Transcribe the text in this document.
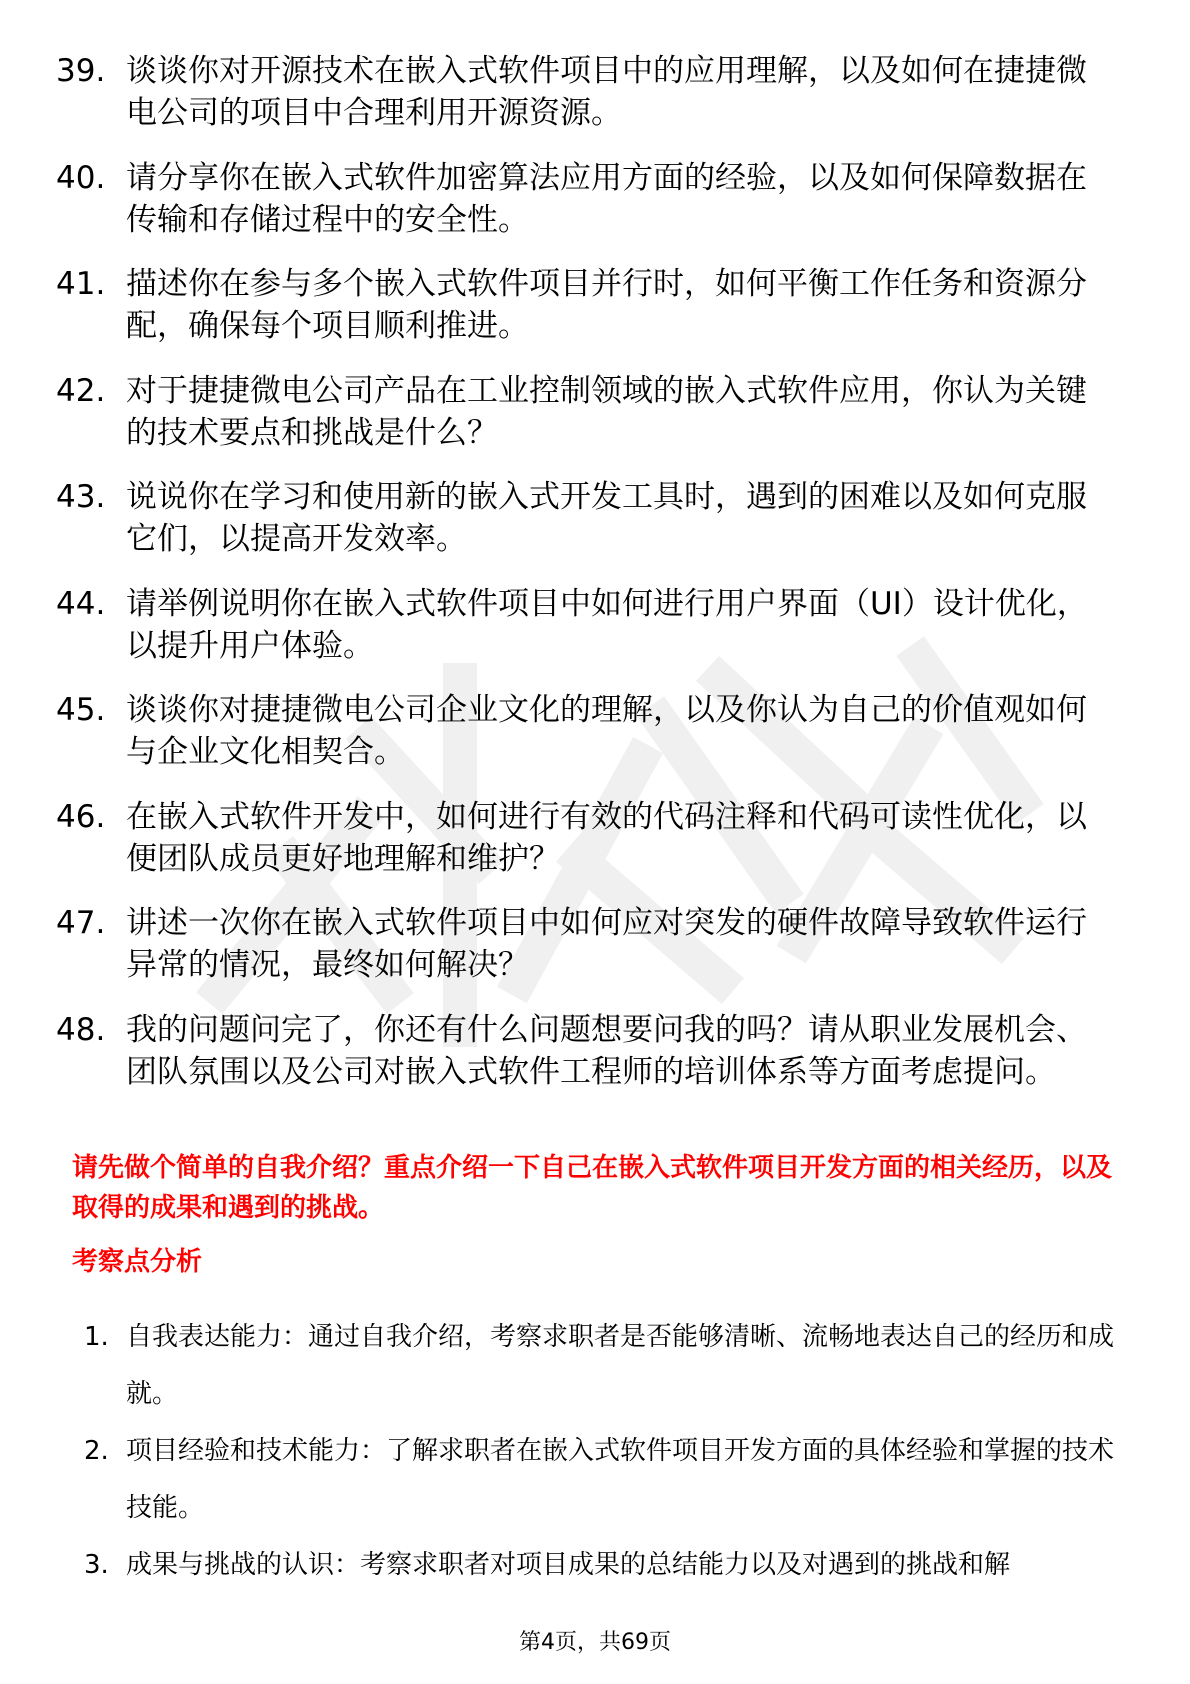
39. 谈谈你对开源技术在嵌入式软件项目中的应用理解，以及如何在捷捷微电公司的项目中合理利用开源资源。
40. 请分享你在嵌入式软件加密算法应用方面的经验，以及如何保障数据在传输和存储过程中的安全性。
41. 描述你在参与多个嵌入式软件项目并行时，如何平衡工作任务和资源分配，确保每个项目顺利推进。
42. 对于捷捷微电公司产品在工业控制领域的嵌入式软件应用，你认为关键的技术要点和挑战是什么？
43. 说说你在学习和使用新的嵌入式开发工具时，遇到的困难以及如何克服它们，以提高开发效率。
44. 请举例说明你在嵌入式软件项目中如何进行用户界面（UI）设计优化，以提升用户体验。
45. 谈谈你对捷捷微电公司企业文化的理解，以及你认为自己的价值观如何与企业文化相契合。
46. 在嵌入式软件开发中，如何进行有效的代码注释和代码可读性优化，以便团队成员更好地理解和维护？
47. 讲述一次你在嵌入式软件项目中如何应对突发的硬件故障导致软件运行异常的情况，最终如何解决？
48. 我的问题问完了，你还有什么问题想要问我的吗？请从职业发展机会、团队氛围以及公司对嵌入式软件工程师的培训体系等方面考虑提问。
请先做个简单的自我介绍？重点介绍一下自己在嵌入式软件项目开发方面的相关经历，以及取得的成果和遇到的挑战。
考察点分析
1. 自我表达能力：通过自我介绍，考察求职者是否能够清晰、流畅地表达自己的经历和成就。
2. 项目经验和技术能力：了解求职者在嵌入式软件项目开发方面的具体经验和掌握的技术技能。
3. 成果与挑战的认识：考察求职者对项目成果的总结能力以及对遇到的挑战和解
第4页，共69页
